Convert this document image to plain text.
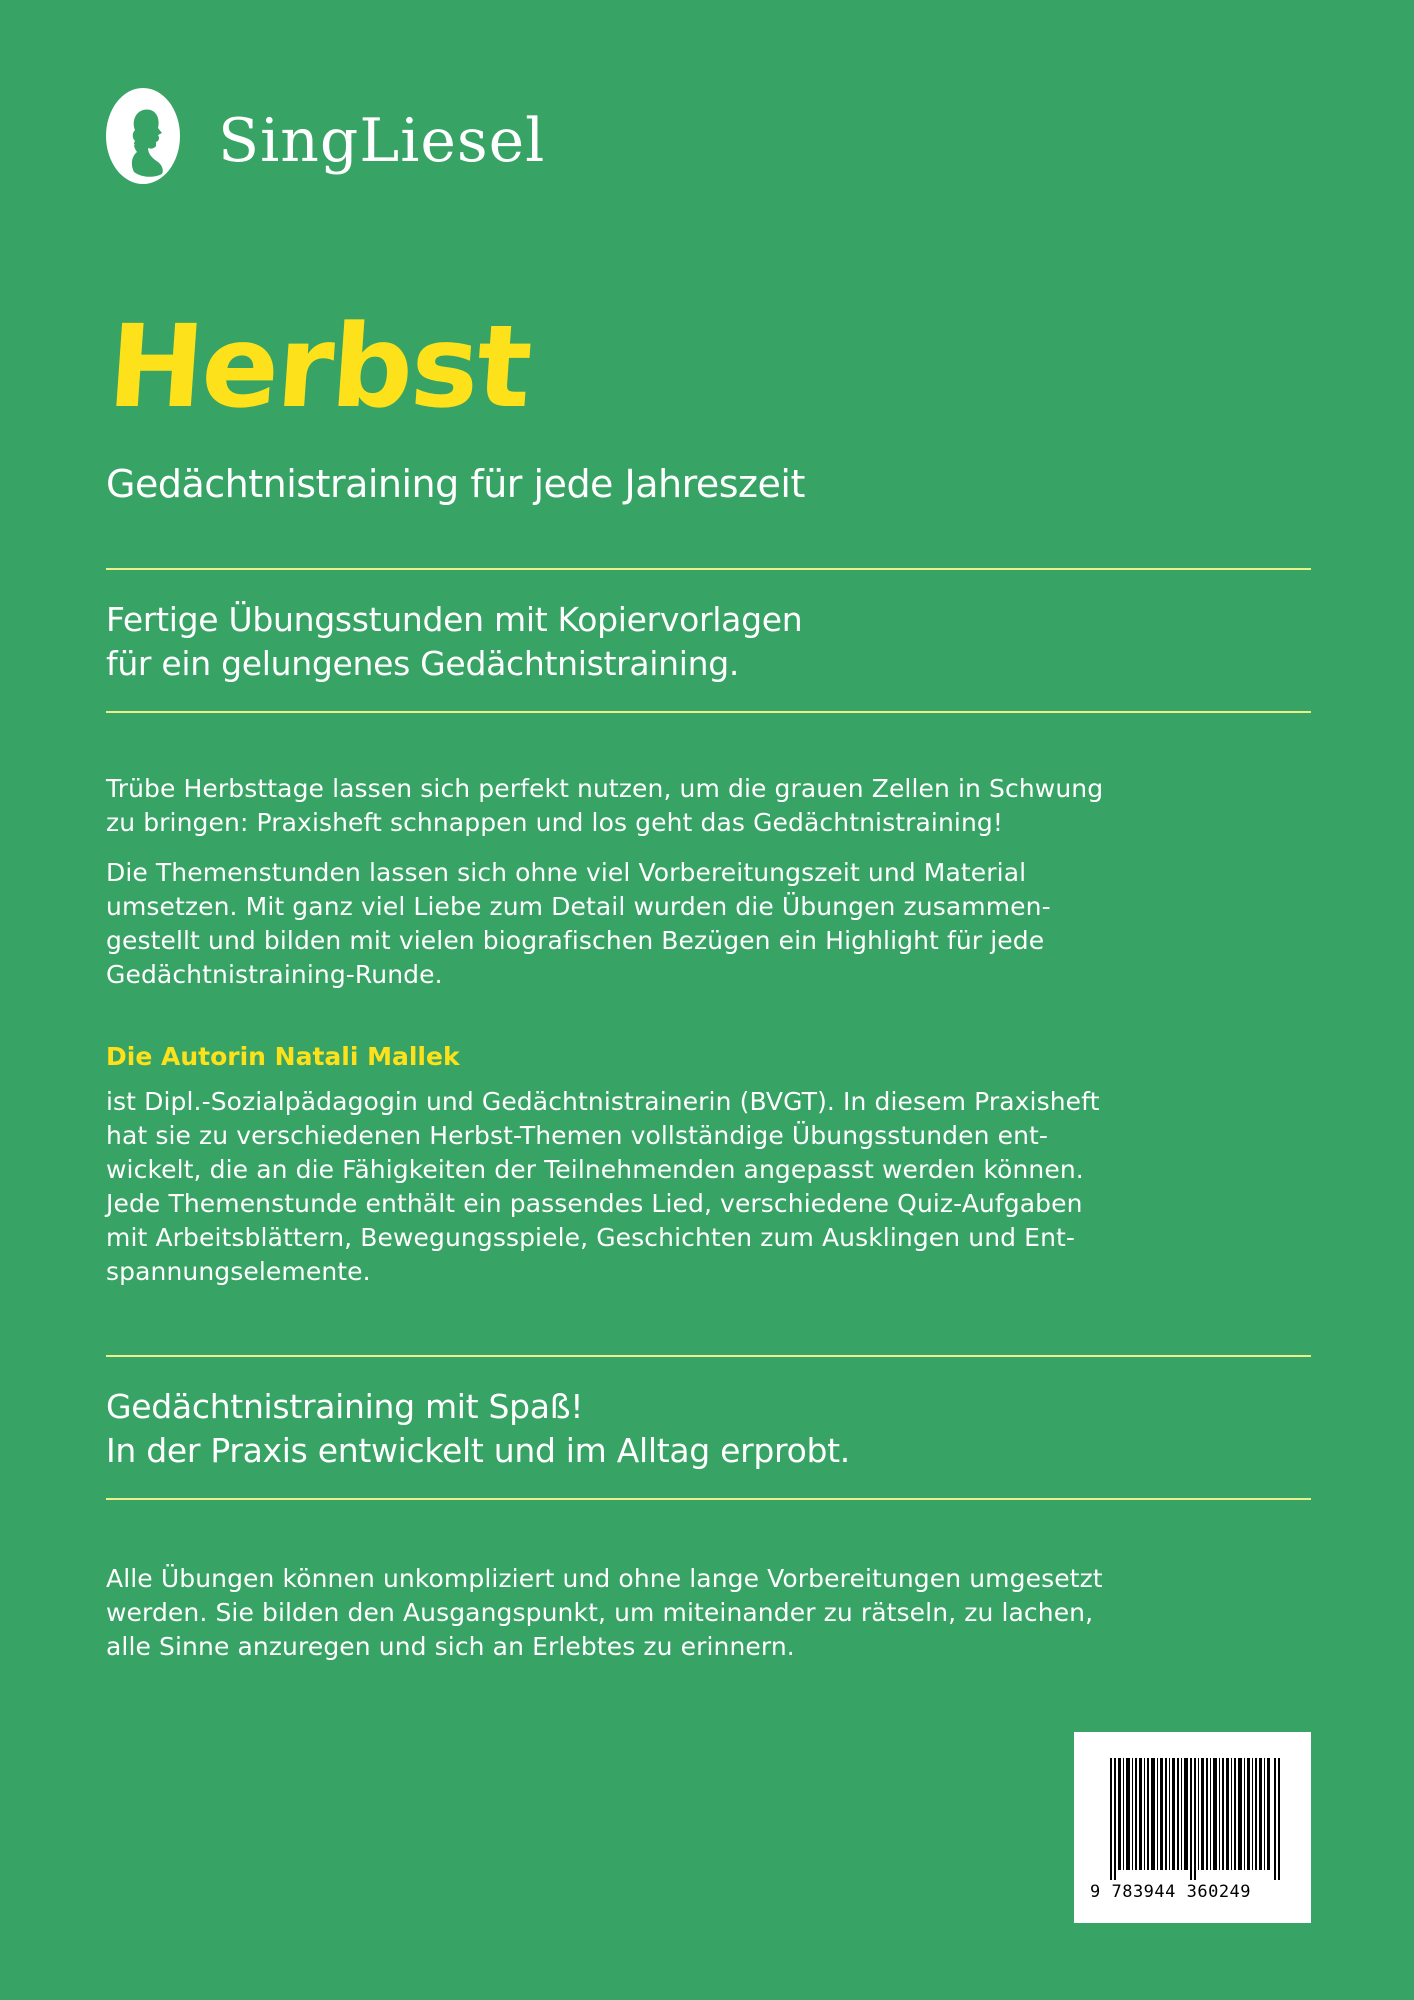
SingLiesel
Herbst
Gedächtnistraining für jede Jahreszeit
Fertige Übungsstunden mit Kopiervorlagen
für ein gelungenes Gedächtnistraining.

Trübe Herbsttage lassen sich perfekt nutzen, um die grauen Zellen in Schwung

zu bringen: Praxisheft schnappen und los geht das Gedächtnistraining!

Die Themenstunden lassen sich ohne viel Vorbereitungszeit und Material

umsetzen. Mit ganz viel Liebe zum Detail wurden die Übungen zusammen-

gestellt und bilden mit vielen biografischen Bezügen ein Highlight für jede

Gedächtnistraining-Runde.

Die Autorin Natali Mallek

ist Dipl.-Sozialpädagogin und Gedächtnistrainerin (BVGT). In diesem Praxisheft

hat sie zu verschiedenen Herbst-Themen vollständige Übungsstunden ent-

wickelt, die an die Fähigkeiten der Teilnehmenden angepasst werden können.

Jede Themenstunde enthält ein passendes Lied, verschiedene Quiz-Aufgaben

mit Arbeitsblättern, Bewegungsspiele, Geschichten zum Ausklingen und Ent-

spannungselemente.

Gedächtnistraining mit Spaß!
In der Praxis entwickelt und im Alltag erprobt.

Alle Übungen können unkompliziert und ohne lange Vorbereitungen umgesetzt

werden. Sie bilden den Ausgangspunkt, um miteinander zu rätseln, zu lachen,

alle Sinne anzuregen und sich an Erlebtes zu erinnern.

9 783944 360249
